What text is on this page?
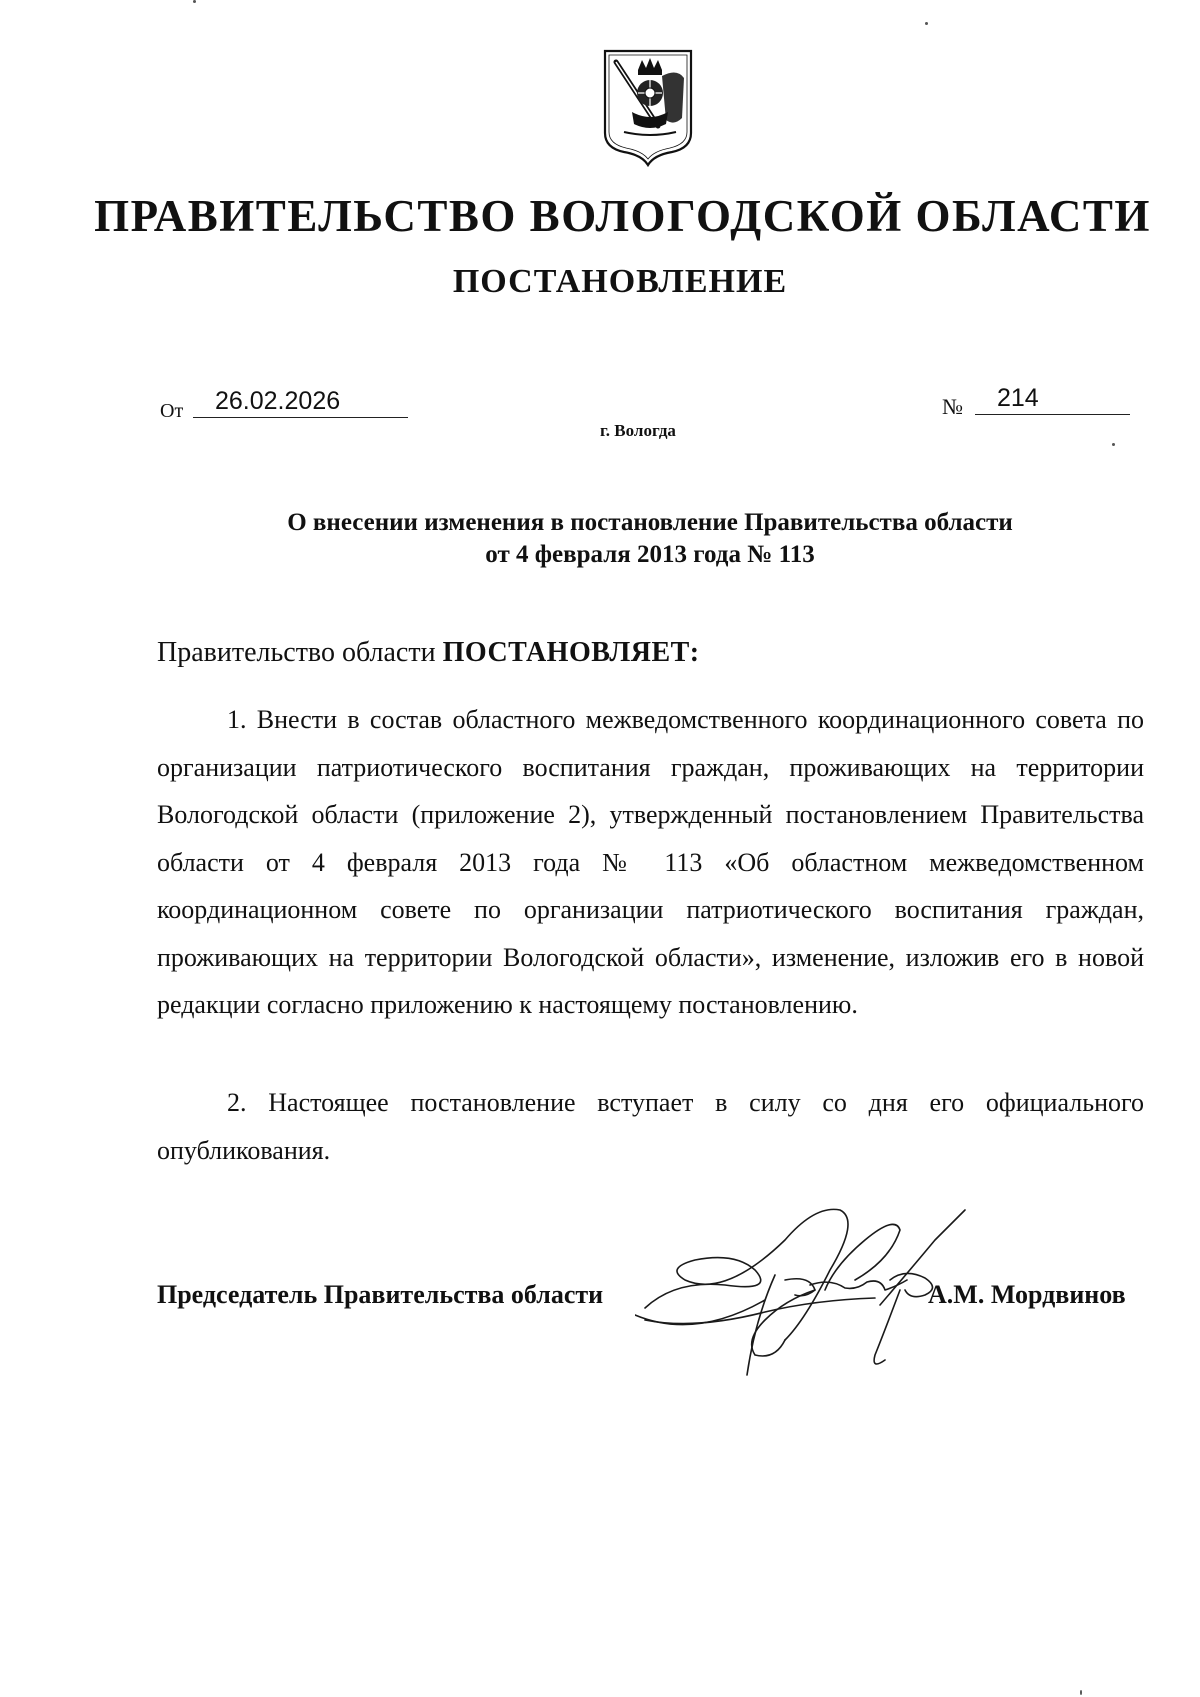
ПРАВИТЕЛЬСТВО ВОЛОГОДСКОЙ ОБЛАСТИ
ПОСТАНОВЛЕНИЕ
От	26.02.2026	№	214
г. Вологда
О внесении изменения в постановление Правительства области
от 4 февраля 2013 года № 113
Правительство области ПОСТАНОВЛЯЕТ:
1. Внести в состав областного межведомственного координационного совета по организации патриотического воспитания граждан, проживающих на территории Вологодской области (приложение 2), утвержденный постановлением Правительства области от 4 февраля 2013 года № 113 «Об областном межведомственном координационном совете по организации патриотического воспитания граждан, проживающих на территории Вологодской области», изменение, изложив его в новой редакции согласно приложению к настоящему постановлению.
2. Настоящее постановление вступает в силу со дня его официального опубликования.
Председатель Правительства области	А.М. Мордвинов
